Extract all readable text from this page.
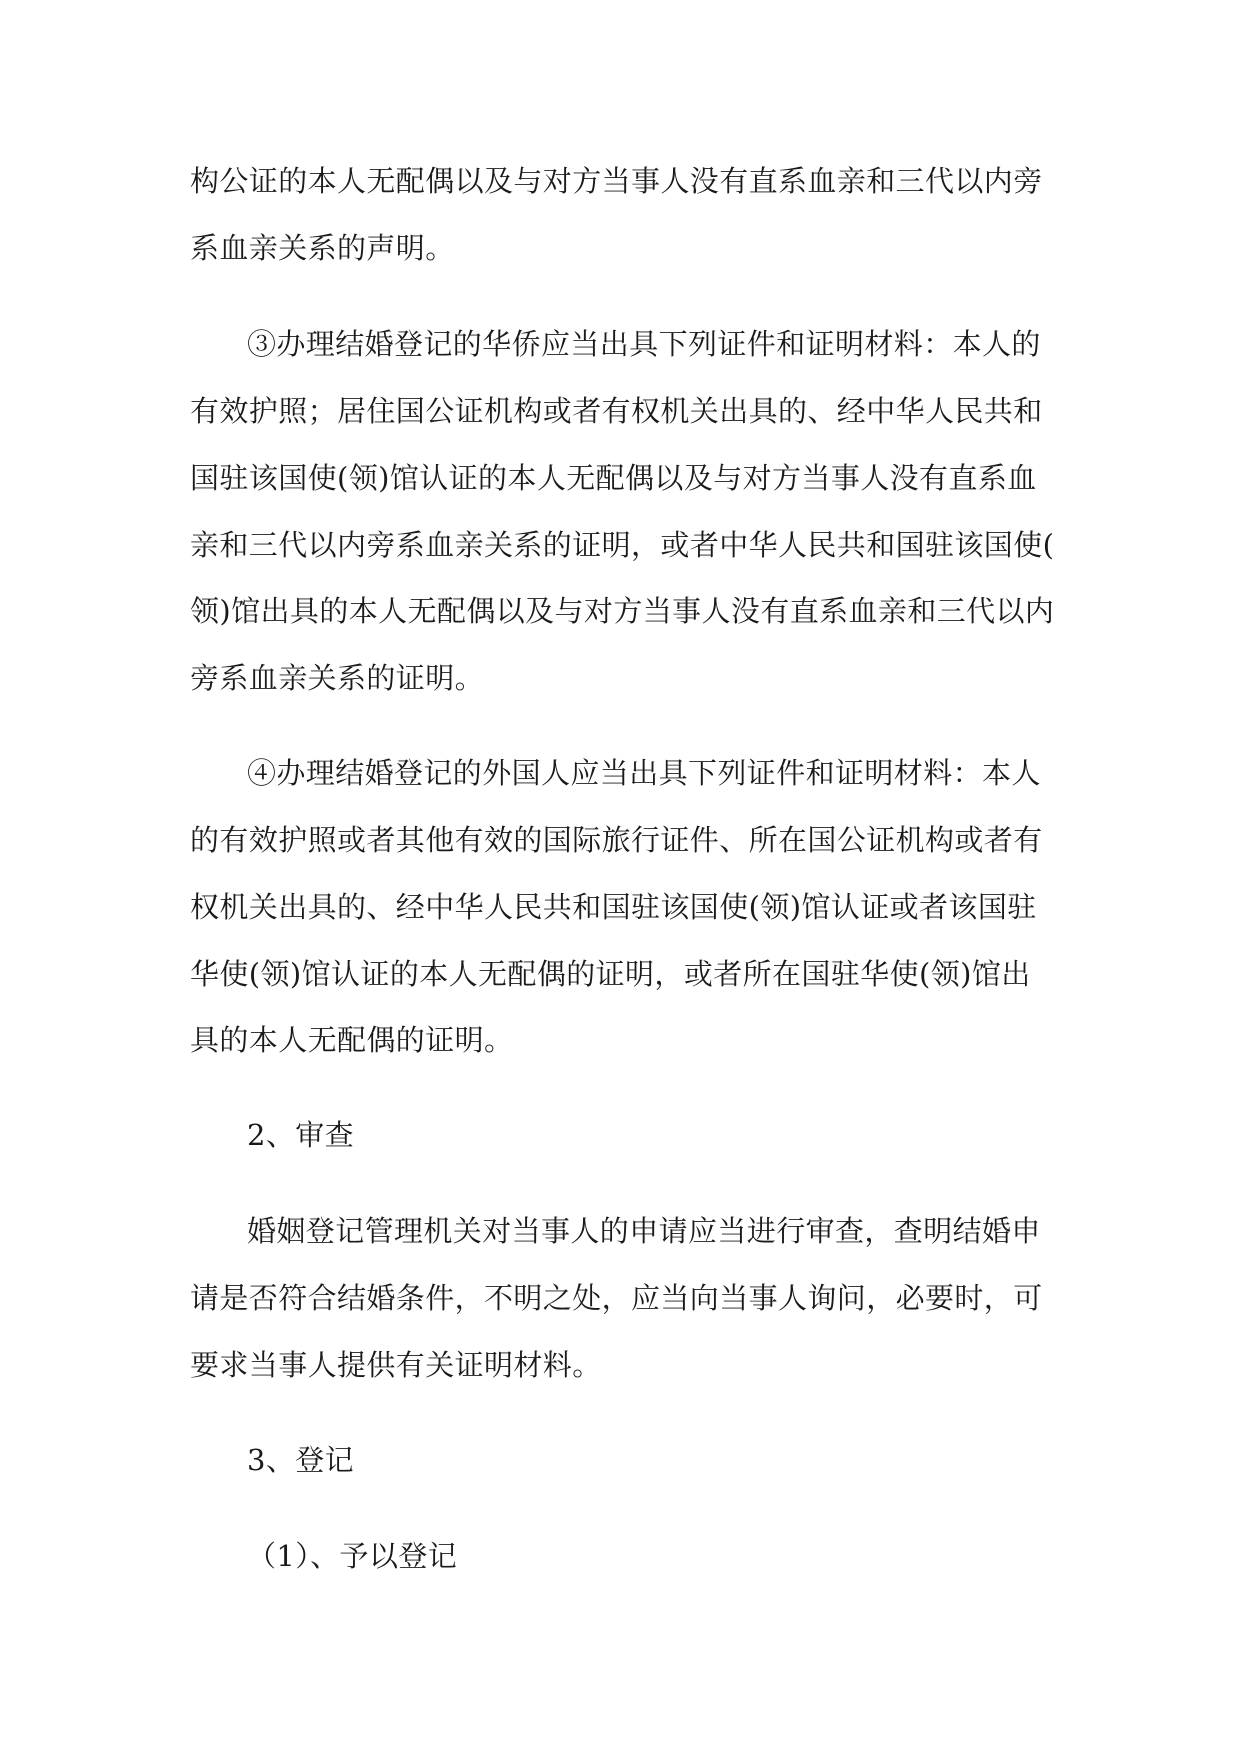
构公证的本人无配偶以及与对方当事人没有直系血亲和三代以内旁
系血亲关系的声明。
③办理结婚登记的华侨应当出具下列证件和证明材料：本人的
有效护照；居住国公证机构或者有权机关出具的、经中华人民共和
国驻该国使(领)馆认证的本人无配偶以及与对方当事人没有直系血
亲和三代以内旁系血亲关系的证明，或者中华人民共和国驻该国使(
领)馆出具的本人无配偶以及与对方当事人没有直系血亲和三代以内
旁系血亲关系的证明。
④办理结婚登记的外国人应当出具下列证件和证明材料：本人
的有效护照或者其他有效的国际旅行证件、所在国公证机构或者有
权机关出具的、经中华人民共和国驻该国使(领)馆认证或者该国驻
华使(领)馆认证的本人无配偶的证明，或者所在国驻华使(领)馆出
具的本人无配偶的证明。
2、审查
婚姻登记管理机关对当事人的申请应当进行审查，查明结婚申
请是否符合结婚条件，不明之处，应当向当事人询问，必要时，可
要求当事人提供有关证明材料。
3、登记
（1）、予以登记
